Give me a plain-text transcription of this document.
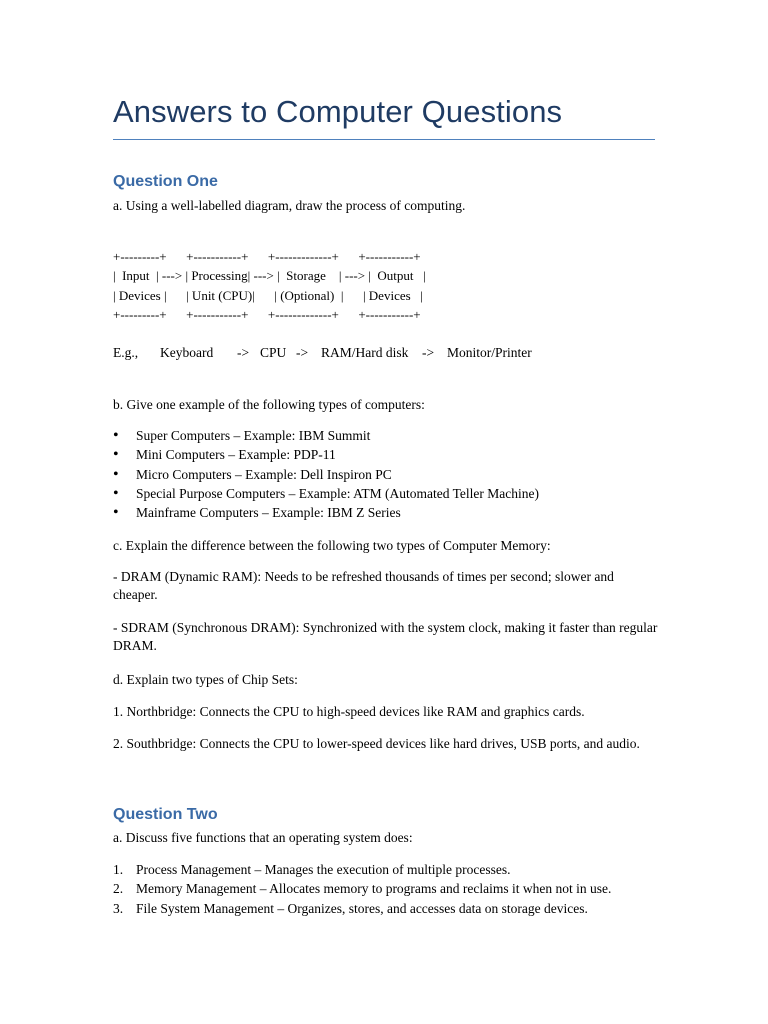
Answers to Computer Questions
Question One
a. Using a well-labelled diagram, draw the process of computing.
+---------+      +-----------+      +-------------+      +-----------+
|  Input  | ---> | Processing| ---> |  Storage    | ---> |  Output   |
| Devices |      | Unit (CPU)|      | (Optional)  |      | Devices   |
+---------+      +-----------+      +-------------+      +-----------+
E.g., Keyboard -> CPU -> RAM/Hard disk -> Monitor/Printer
b. Give one example of the following types of computers:
• Super Computers – Example: IBM Summit
• Mini Computers – Example: PDP-11
• Micro Computers – Example: Dell Inspiron PC
• Special Purpose Computers – Example: ATM (Automated Teller Machine)
• Mainframe Computers – Example: IBM Z Series
c. Explain the difference between the following two types of Computer Memory:
- DRAM (Dynamic RAM): Needs to be refreshed thousands of times per second; slower and cheaper.
- SDRAM (Synchronous DRAM): Synchronized with the system clock, making it faster than regular DRAM.
d. Explain two types of Chip Sets:
1. Northbridge: Connects the CPU to high-speed devices like RAM and graphics cards.
2. Southbridge: Connects the CPU to lower-speed devices like hard drives, USB ports, and audio.
Question Two
a. Discuss five functions that an operating system does:
1. Process Management – Manages the execution of multiple processes.
2. Memory Management – Allocates memory to programs and reclaims it when not in use.
3. File System Management – Organizes, stores, and accesses data on storage devices.
